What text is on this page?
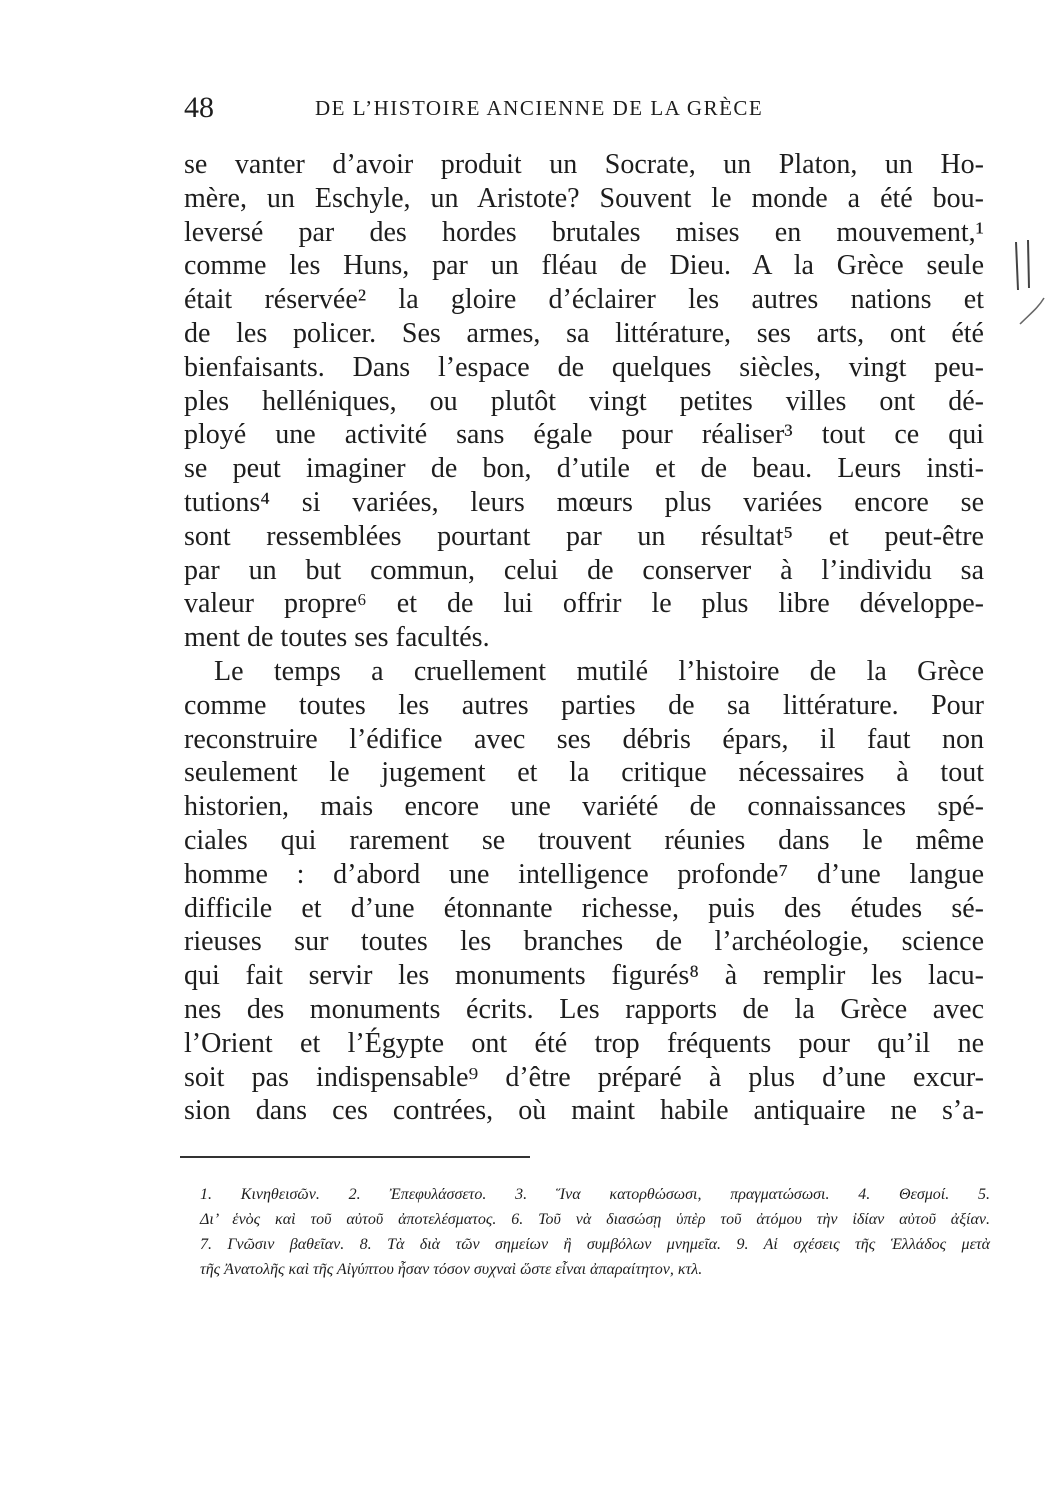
48	DE L’HISTOIRE ANCIENNE DE LA GRÈCE
se vanter d’avoir produit un Socrate, un Platon, un Ho-
mère, un Eschyle, un Aristote? Souvent le monde a été bou-
leversé par des hordes brutales mises en mouvement,¹
comme les Huns, par un fléau de Dieu. A la Grèce seule
était réservée² la gloire d’éclairer les autres nations et
de les policer. Ses armes, sa littérature, ses arts, ont été
bienfaisants. Dans l’espace de quelques siècles, vingt peu-
ples helléniques, ou plutôt vingt petites villes ont dé-
ployé une activité sans égale pour réaliser³ tout ce qui
se peut imaginer de bon, d’utile et de beau. Leurs insti-
tutions⁴ si variées, leurs mœurs plus variées encore se
sont ressemblées pourtant par un résultat⁵ et peut-être
par un but commun, celui de conserver à l’individu sa
valeur propre⁶ et de lui offrir le plus libre développe-
ment de toutes ses facultés.
Le temps a cruellement mutilé l’histoire de la Grèce
comme toutes les autres parties de sa littérature. Pour
reconstruire l’édifice avec ses débris épars, il faut non
seulement le jugement et la critique nécessaires à tout
historien, mais encore une variété de connaissances spé-
ciales qui rarement se trouvent réunies dans le même
homme : d’abord une intelligence profonde⁷ d’une langue
difficile et d’une étonnante richesse, puis des études sé-
rieuses sur toutes les branches de l’archéologie, science
qui fait servir les monuments figurés⁸ à remplir les lacu-
nes des monuments écrits. Les rapports de la Grèce avec
l’Orient et l’Égypte ont été trop fréquents pour qu’il ne
soit pas indispensable⁹ d’être préparé à plus d’une excur-
sion dans ces contrées, où maint habile antiquaire ne s’a-
1. Κινηθεισῶν. 2. Ἐπεφυλάσσετο. 3. Ἵνα κατορθώσωσι, πραγματώσωσι. 4. Θεσμοί. 5.
Δι’ ἑνὸς καὶ τοῦ αὐτοῦ ἀποτελέσματος. 6. Τοῦ νὰ διασώσῃ ὑπὲρ τοῦ ἀτόμου τὴν ἰδίαν αὐτοῦ ἀξίαν.
7. Γνῶσιν βαθεῖαν. 8. Τὰ διὰ τῶν σημείων ἢ συμβόλων μνημεῖα. 9. Αἱ σχέσεις τῆς Ἑλλάδος μετὰ
τῆς Ἀνατολῆς καὶ τῆς Αἰγύπτου ἦσαν τόσον συχναὶ ὥστε εἶναι ἀπαραίτητον, κτλ.
